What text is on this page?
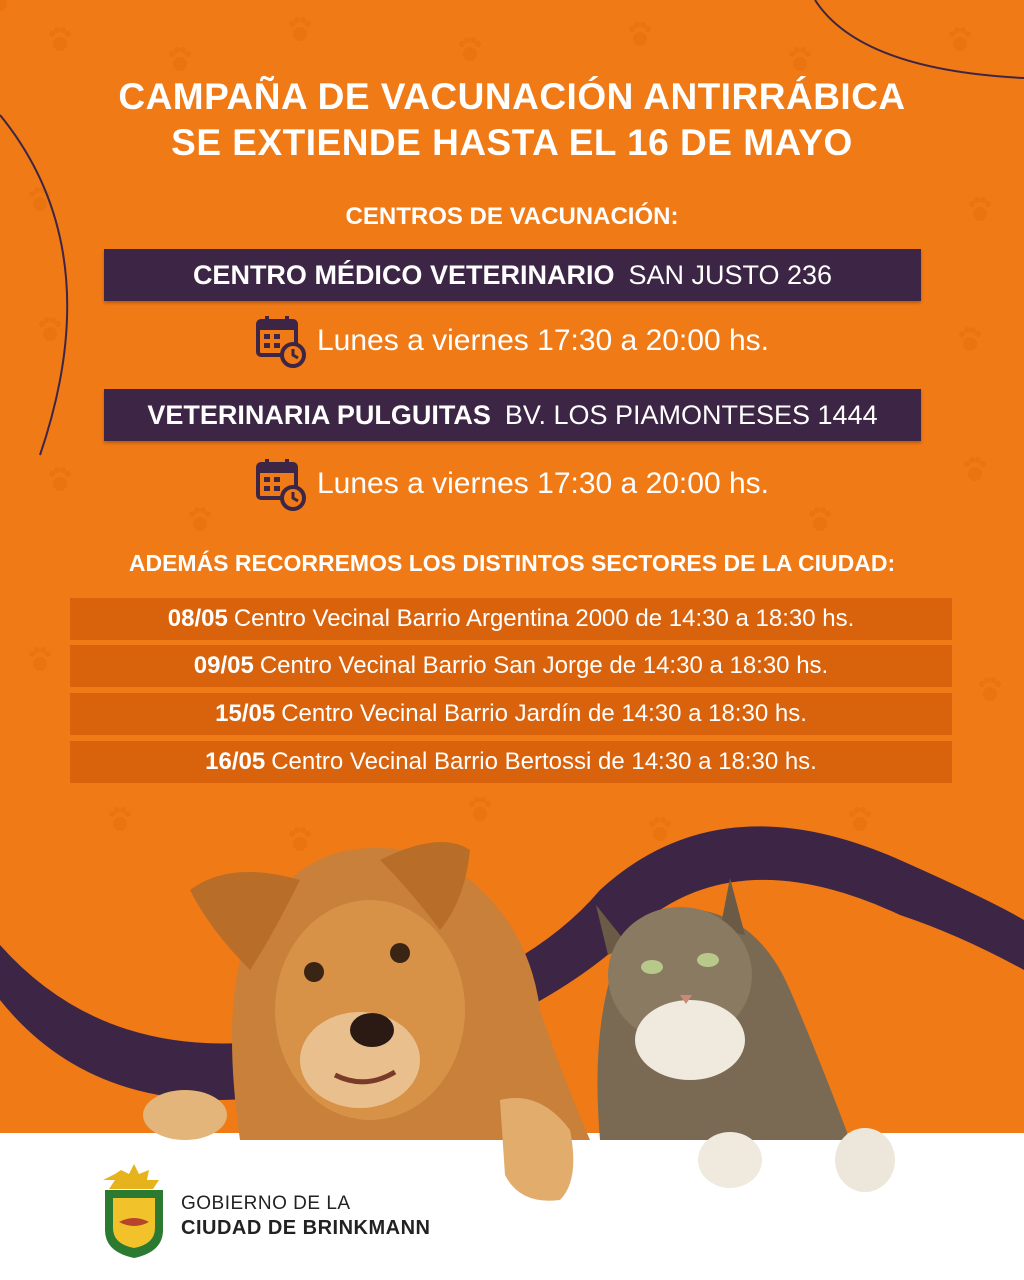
CAMPAÑA DE VACUNACIÓN ANTIRRÁBICA
SE EXTIENDE HASTA EL 16 DE MAYO
CENTROS DE VACUNACIÓN:
CENTRO MÉDICO VETERINARIO SAN JUSTO 236
Lunes a viernes 17:30 a 20:00 hs.
VETERINARIA PULGUITAS BV. LOS PIAMONTESES 1444
Lunes a viernes 17:30 a 20:00 hs.
ADEMÁS RECORREMOS LOS DISTINTOS SECTORES DE LA CIUDAD:
08/05 Centro Vecinal Barrio Argentina 2000 de 14:30 a 18:30 hs.
09/05 Centro Vecinal Barrio San Jorge de 14:30 a 18:30 hs.
15/05 Centro Vecinal Barrio Jardín de 14:30 a 18:30 hs.
16/05 Centro Vecinal Barrio Bertossi de 14:30 a 18:30 hs.
GOBIERNO DE LA
CIUDAD DE BRINKMANN
